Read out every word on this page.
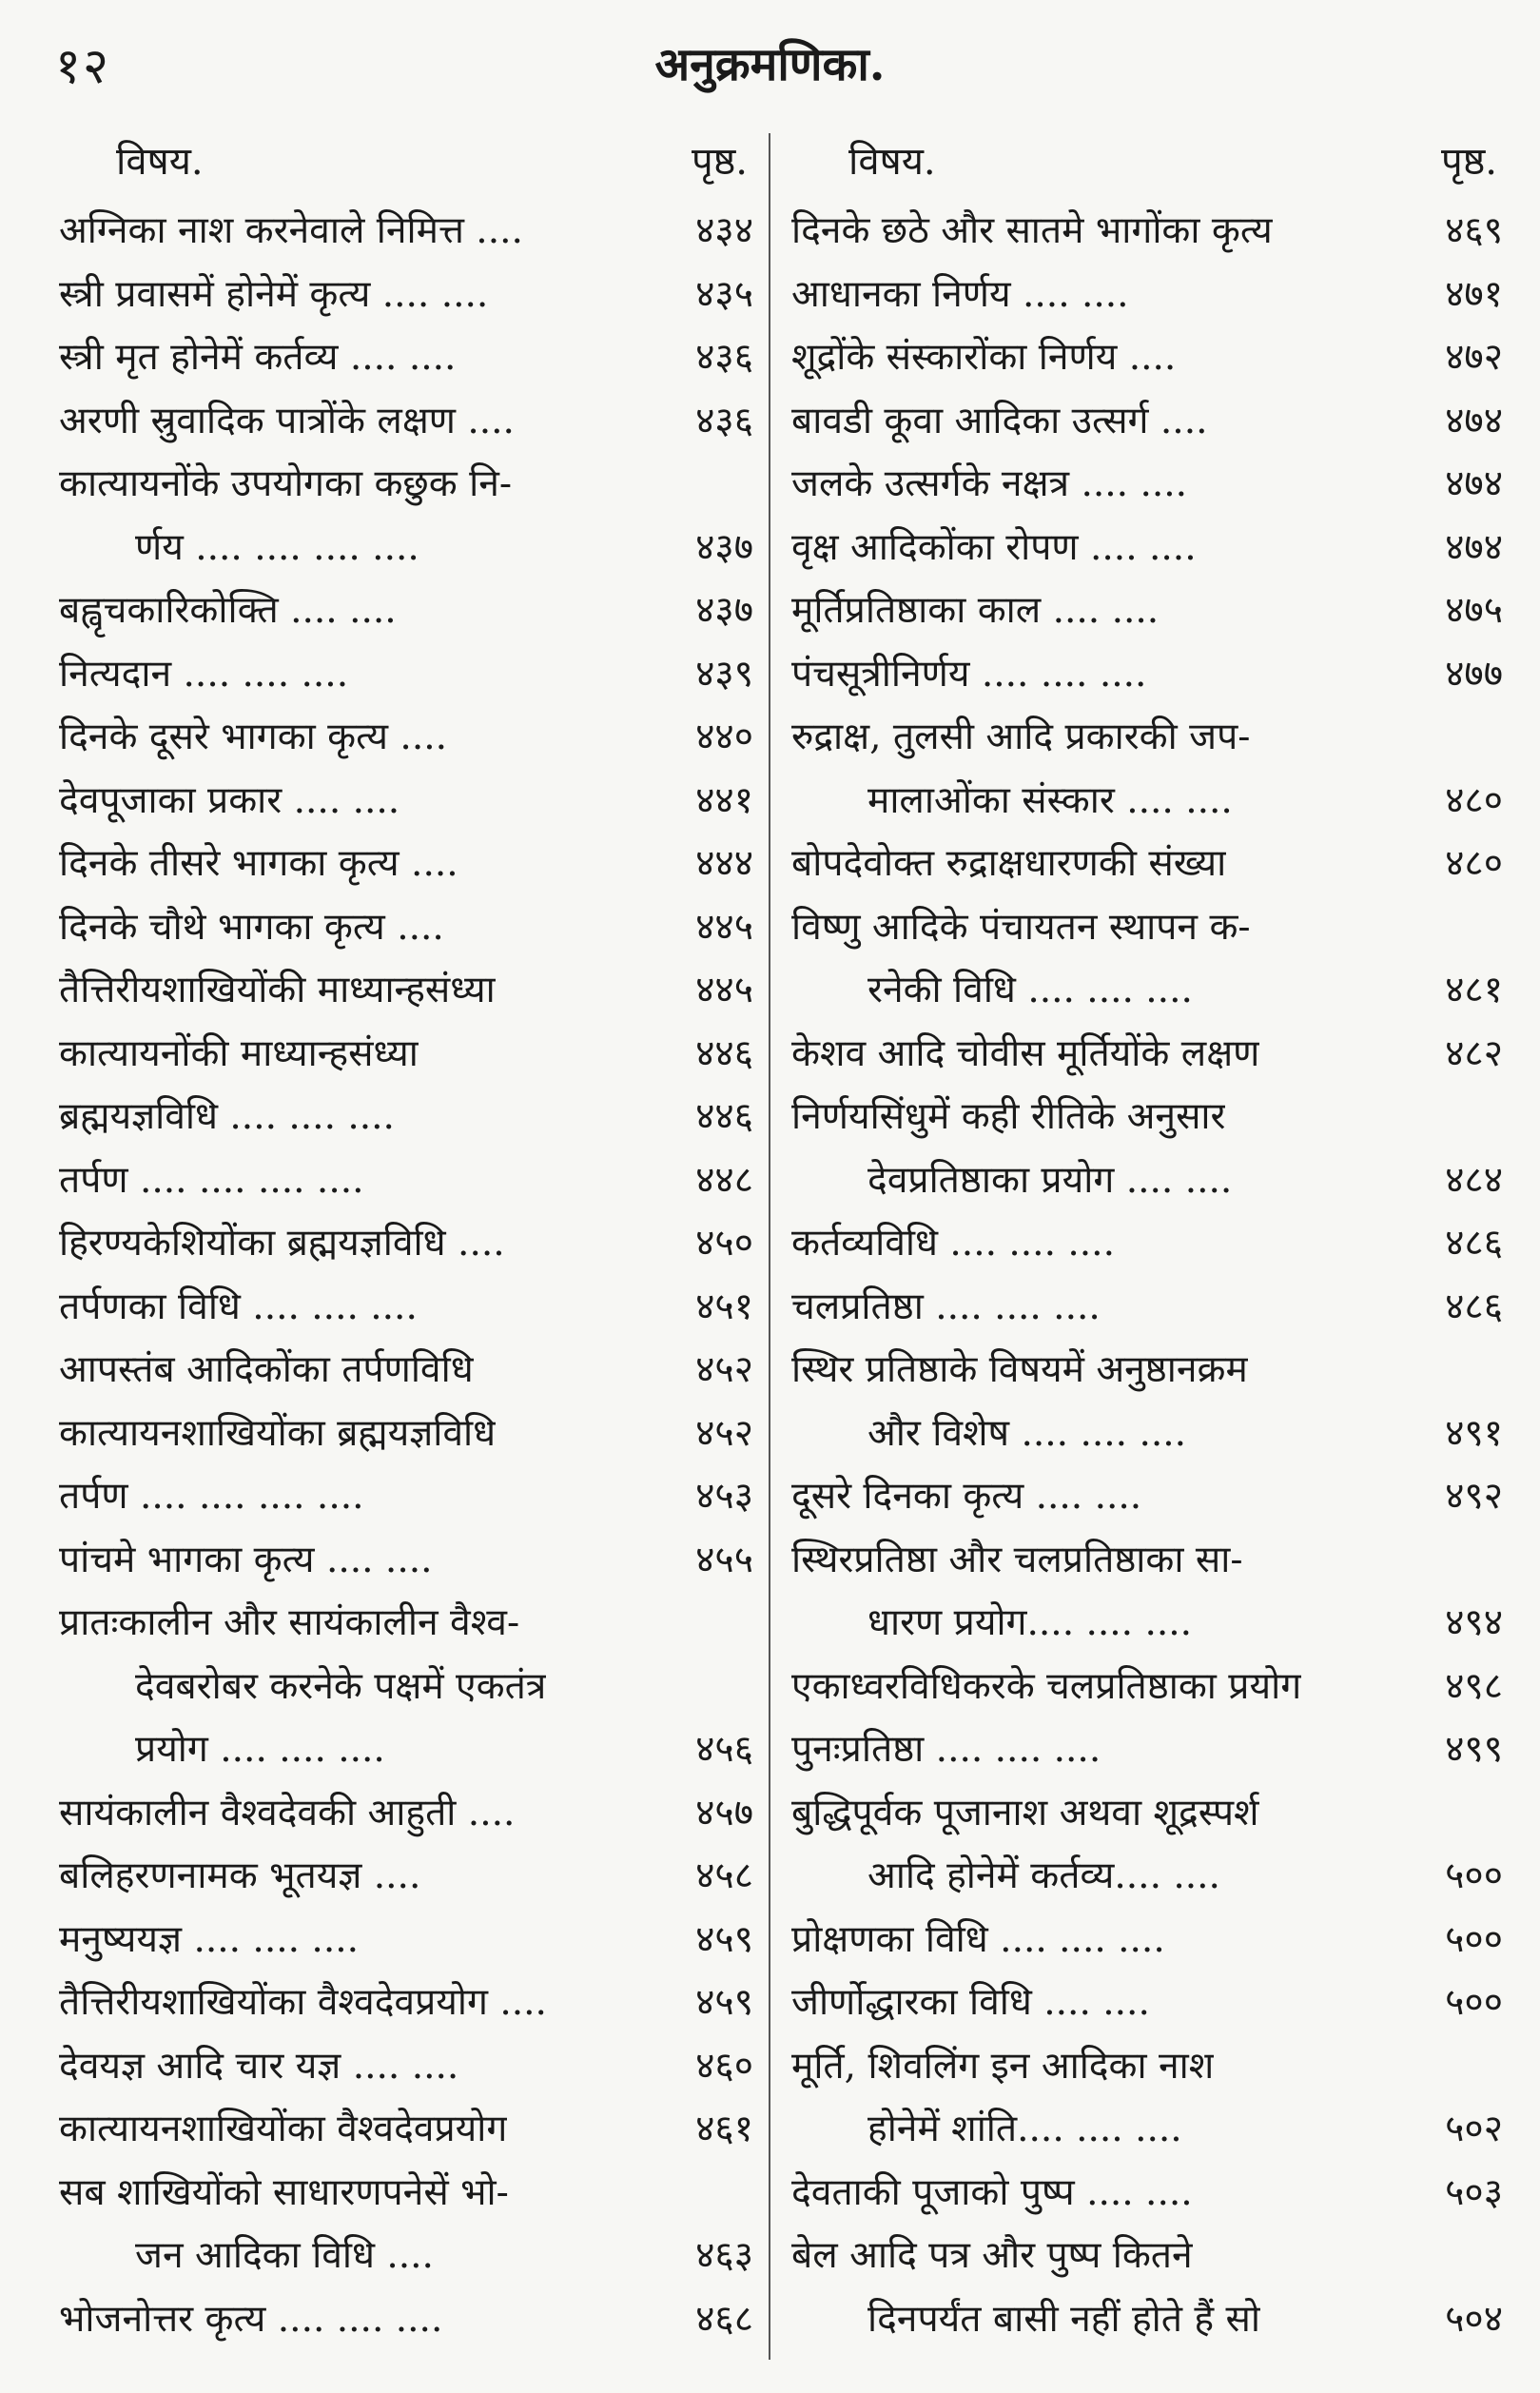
१२	अनुक्रमणिका.
विषय.	पृष्ठ.
अग्निका नाश करनेवाले निमित्त ....	४३४
स्त्री प्रवासमें होनेमें कृत्य .... ....	४३५
स्त्री मृत होनेमें कर्तव्य .... ....	४३६
अरणी स्रुवादिक पात्रोंके लक्षण ....	४३६
कात्यायनोंके उपयोगका कछुक नि-
र्णय .... .... .... ....	४३७
बह्वृचकारिकोक्ति .... ....	४३७
नित्यदान .... .... ....	४३९
दिनके दूसरे भागका कृत्य ....	४४०
देवपूजाका प्रकार .... ....	४४१
दिनके तीसरे भागका कृत्य ....	४४४
दिनके चौथे भागका कृत्य ....	४४५
तैत्तिरीयशाखियोंकी माध्यान्हसंध्या	४४५
कात्यायनोंकी माध्यान्हसंध्या	४४६
ब्रह्मयज्ञविधि .... .... ....	४४६
तर्पण .... .... .... ....	४४८
हिरण्यकेशियोंका ब्रह्मयज्ञविधि ....	४५०
तर्पणका विधि .... .... ....	४५१
आपस्तंब आदिकोंका तर्पणविधि	४५२
कात्यायनशाखियोंका ब्रह्मयज्ञविधि	४५२
तर्पण .... .... .... ....	४५३
पांचमे भागका कृत्य .... ....	४५५
प्रातःकालीन और सायंकालीन वैश्व-
देवबरोबर करनेके पक्षमें एकतंत्र
प्रयोग .... .... ....	४५६
सायंकालीन वैश्वदेवकी आहुती ....	४५७
बलिहरणनामक भूतयज्ञ ....	४५८
मनुष्ययज्ञ .... .... ....	४५९
तैत्तिरीयशाखियोंका वैश्वदेवप्रयोग ....	४५९
देवयज्ञ आदि चार यज्ञ .... ....	४६०
कात्यायनशाखियोंका वैश्वदेवप्रयोग	४६१
सब शाखियोंको साधारणपनेसें भो-
जन आदिका विधि ....	४६३
भोजनोत्तर कृत्य .... .... ....	४६८
विषय.	पृष्ठ.
दिनके छठे और सातमे भागोंका कृत्य	४६९
आधानका निर्णय .... ....	४७१
शूद्रोंके संस्कारोंका निर्णय ....	४७२
बावडी कूवा आदिका उत्सर्ग ....	४७४
जलके उत्सर्गके नक्षत्र .... ....	४७४
वृक्ष आदिकोंका रोपण .... ....	४७४
मूर्तिप्रतिष्ठाका काल .... ....	४७५
पंचसूत्रीनिर्णय .... .... ....	४७७
रुद्राक्ष, तुलसी आदि प्रकारकी जप-
मालाओंका संस्कार .... ....	४८०
बोपदेवोक्त रुद्राक्षधारणकी संख्या	४८०
विष्णु आदिके पंचायतन स्थापन क-
रनेकी विधि .... .... ....	४८१
केशव आदि चोवीस मूर्तियोंके लक्षण	४८२
निर्णयसिंधुमें कही रीतिके अनुसार
देवप्रतिष्ठाका प्रयोग .... ....	४८४
कर्तव्यविधि .... .... ....	४८६
चलप्रतिष्ठा .... .... ....	४८६
स्थिर प्रतिष्ठाके विषयमें अनुष्ठानक्रम
और विशेष .... .... ....	४९१
दूसरे दिनका कृत्य .... ....	४९२
स्थिरप्रतिष्ठा और चलप्रतिष्ठाका सा-
धारण प्रयोग.... .... ....	४९४
एकाध्वरविधिकरके चलप्रतिष्ठाका प्रयोग	४९८
पुनःप्रतिष्ठा .... .... ....	४९९
बुद्धिपूर्वक पूजानाश अथवा शूद्रस्पर्श
आदि होनेमें कर्तव्य.... ....	५००
प्रोक्षणका विधि .... .... ....	५००
जीर्णोद्धारका विधि .... ....	५००
मूर्ति, शिवलिंग इन आदिका नाश
होनेमें शांति.... .... ....	५०२
देवताकी पूजाको पुष्प .... ....	५०३
बेल आदि पत्र और पुष्प कितने
दिनपर्यंत बासी नहीं होते हैं सो	५०४
